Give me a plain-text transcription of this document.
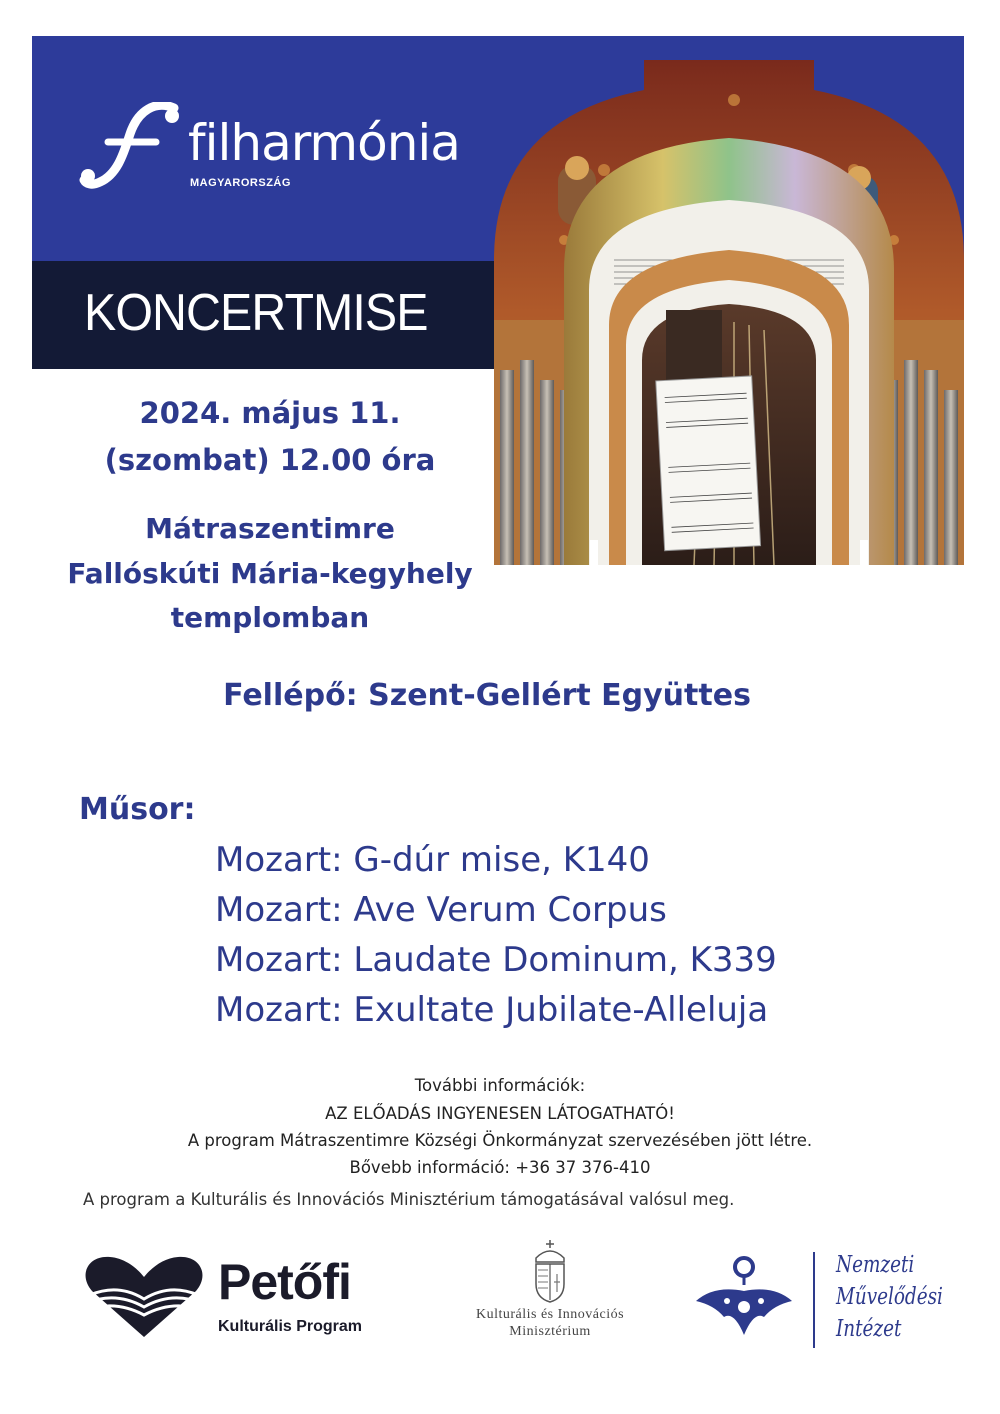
filharmónia
MAGYARORSZÁG
KONCERTMISE
2024. május 11.
(szombat) 12.00 óra
Mátraszentimre
Fallóskúti Mária-kegyhely
templomban
Fellépő: Szent-Gellért Együttes
Műsor:
Mozart: G-dúr mise, K140
Mozart: Ave Verum Corpus
Mozart: Laudate Dominum, K339
Mozart: Exultate Jubilate-Alleluja
További információk:
AZ ELŐADÁS INGYENESEN LÁTOGATHATÓ!
A program Mátraszentimre Községi Önkormányzat szervezésében jött létre.
Bővebb információ: +36 37 376-410
A program a Kulturális és Innovációs Minisztérium támogatásával valósul meg.
Petőfi
Kulturális Program
Kulturális és Innovációs
Minisztérium
Nemzeti
Művelődési
Intézet
